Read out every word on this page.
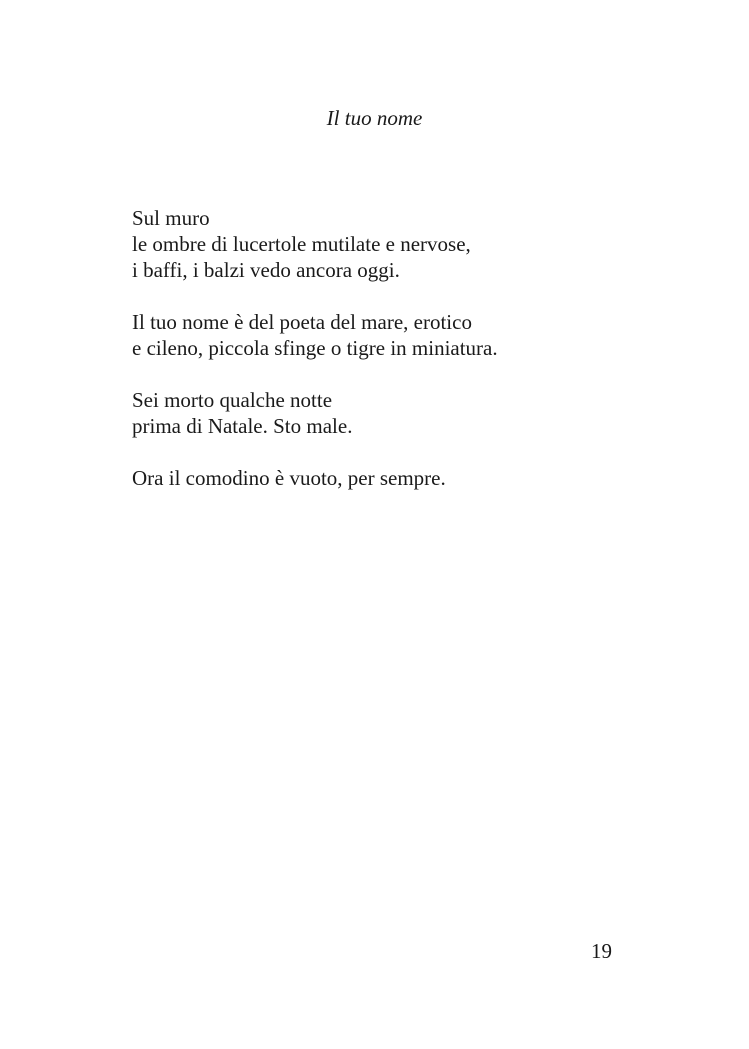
Il tuo nome

Sul muro
le ombre di lucertole mutilate e nervose,
i baffi, i balzi vedo ancora oggi.

Il tuo nome è del poeta del mare, erotico
e cileno, piccola sfinge o tigre in miniatura.

Sei morto qualche notte
prima di Natale. Sto male.

Ora il comodino è vuoto, per sempre.

19
